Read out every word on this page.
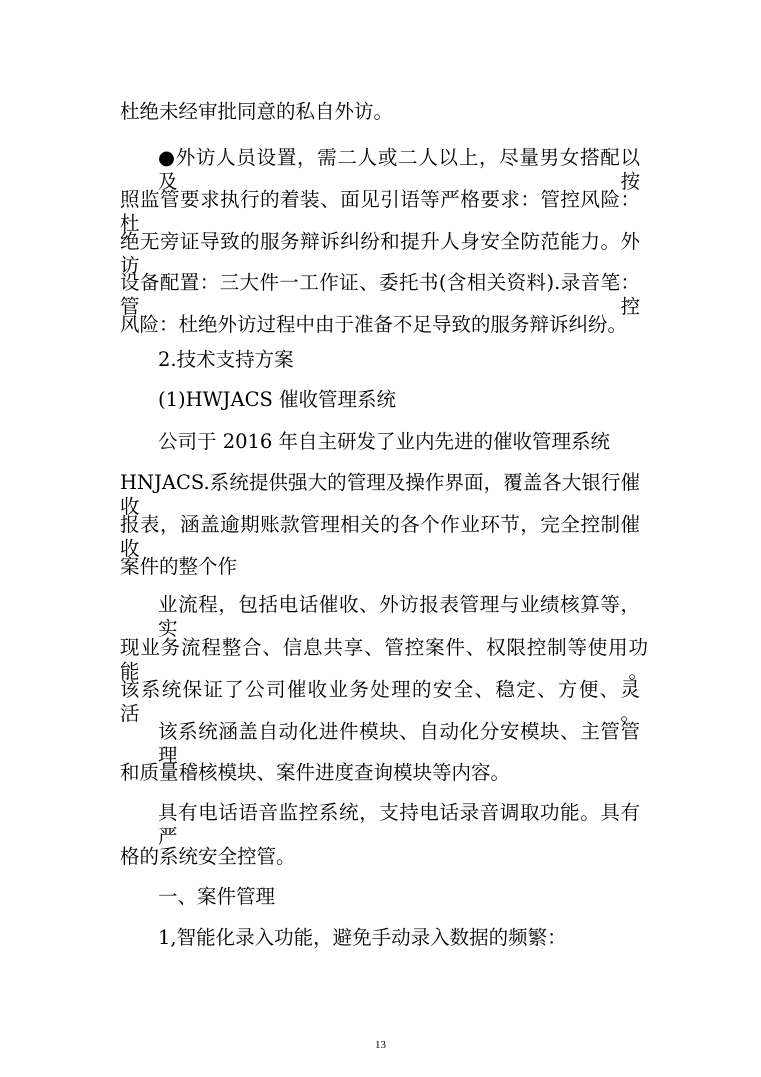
杜绝未经审批同意的私自外访。
●外访人员设置，需二人或二人以上，尽量男女搭配以及按
照监管要求执行的着装、面见引语等严格要求：管控风险：杜
绝无旁证导致的服务辩诉纠纷和提升人身安全防范能力。外访
设备配置：三大件一工作证、委托书(含相关资料).录音笔：管控
风险：杜绝外访过程中由于准备不足导致的服务辩诉纠纷。
2.技术支持方案
(1)HWJACS 催收管理系统
公司于 2016 年自主研发了业内先进的催收管理系统
HNJACS.系统提供强大的管理及操作界面，覆盖各大银行催收
报表，涵盖逾期账款管理相关的各个作业环节，完全控制催收
案件的整个作
业流程，包括电话催收、外访报表管理与业绩核算等，实
现业务流程整合、信息共享、管控案件、权限控制等使用功能。
该系统保证了公司催收业务处理的安全、稳定、方便、灵活。
该系统涵盖自动化进件模块、自动化分安模块、主管管理
和质量稽核模块、案件进度查询模块等内容。
具有电话语音监控系统，支持电话录音调取功能。具有严
格的系统安全控管。
一、案件管理
1,智能化录入功能，避免手动录入数据的频繁：
13
